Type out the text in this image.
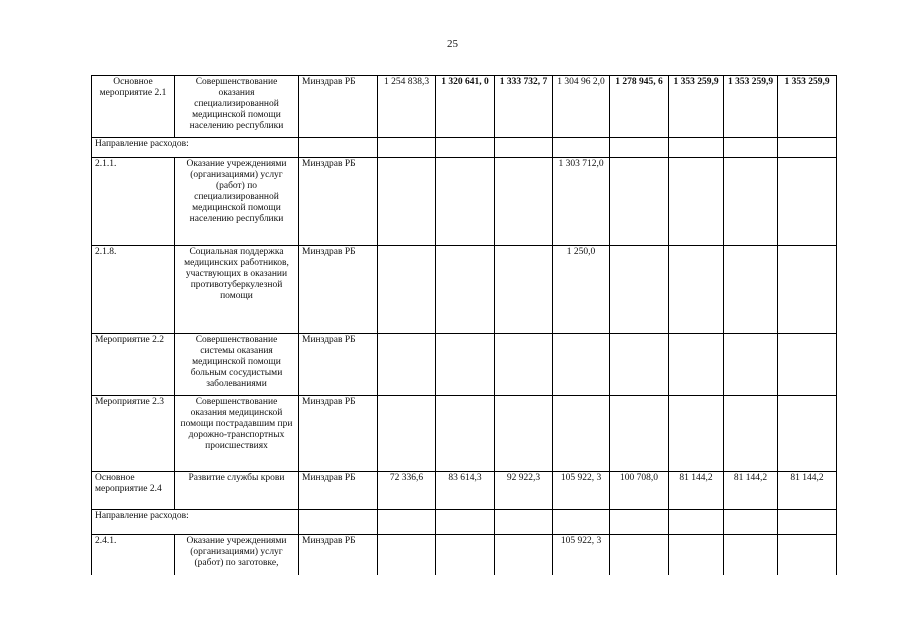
25
Основное мероприятие 2.1	Совершенствование оказания специализированной медицинской помощи населению республики	Минздрав РБ	1 254 838,3	1 320 641, 0	1 333 732, 7	1 304 96 2,0	1 278 945, 6	1 353 259,9	1 353 259,9	1 353 259,9
Направление расходов:										
2.1.1.	Оказание учреждениями (организациями) услуг (работ) по специализированной медицинской помощи населению республики	Минздрав РБ				1 303 712,0				
2.1.8.	Социальная поддержка медицинских работников, участвующих в оказании противотуберкулезной помощи	Минздрав РБ				1 250,0				
Мероприятие 2.2	Совершенствование системы оказания медицинской помощи больным сосудистыми заболеваниями	Минздрав РБ								
Мероприятие 2.3	Совершенствование оказания медицинской помощи пострадавшим при дорожно-транспортных происшествиях	Минздрав РБ								
Основное мероприятие 2.4	Развитие службы крови	Минздрав РБ	72 336,6	83 614,3	92 922,3	105 922, 3	100 708,0	81 144,2	81 144,2	81 144,2
Направление расходов:										
2.4.1.	Оказание учреждениями (организациями) услуг (работ) по заготовке,	Минздрав РБ				105 922, 3				
